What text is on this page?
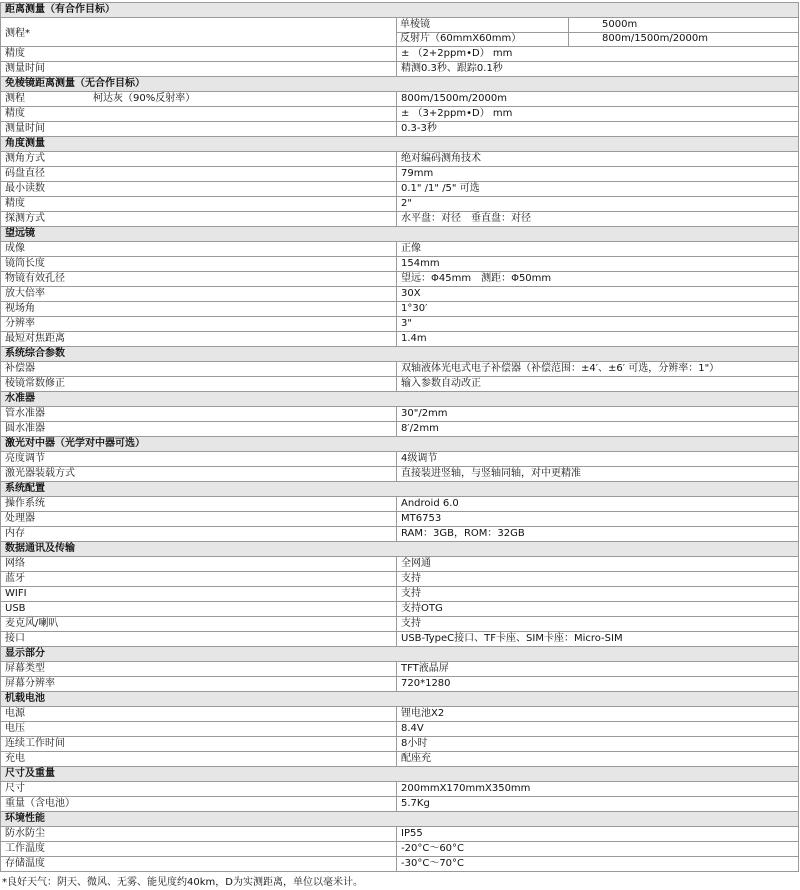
*良好天气：阴天、微风、无雾、能见度约40km，D为实测距离，单位以毫米计。
距离测量（有合作目标）
测程*
单棱镜	5000m
反射片（60mmX60mm）	800m/1500m/2000m
精度	± （2+2ppm•D） mm
测量时间	精测0.3秒、跟踪0.1秒
免棱镜距离测量（无合作目标）
测程	柯达灰（90%反射率）	800m/1500m/2000m
精度	± （3+2ppm•D） mm
测量时间	0.3-3秒
角度测量
测角方式	绝对编码测角技术
码盘直径	79mm
最小读数	0.1" /1" /5" 可选
精度	2"
探测方式	水平盘：对径　垂直盘：对径
望远镜
成像	正像
镜筒长度	154mm
物镜有效孔径	望远：Φ45mm　测距：Φ50mm
放大倍率	30X
视场角	1°30′
分辨率	3"
最短对焦距离	1.4m
系统综合参数
补偿器	双轴液体光电式电子补偿器（补偿范围：±4′、±6′ 可选，分辨率：1"）
棱镜常数修正	输入参数自动改正
水准器
管水准器	30"/2mm
圆水准器	8′/2mm
激光对中器（光学对中器可选）
亮度调节	4级调节
激光器装载方式	直接装进竖轴，与竖轴同轴，对中更精准
系统配置
操作系统	Android 6.0
处理器	MT6753
内存	RAM：3GB，ROM：32GB
数据通讯及传输
网络	全网通
蓝牙	支持
WIFI	支持
USB	支持OTG
麦克风/喇叭	支持
接口	USB-TypeC接口、TF卡座、SIM卡座：Micro-SIM
显示部分
屏幕类型	TFT液晶屏
屏幕分辨率	720*1280
机载电池
电源	锂电池X2
电压	8.4V
连续工作时间	8小时
充电	配座充
尺寸及重量
尺寸	200mmX170mmX350mm
重量（含电池）	5.7Kg
环境性能
防水防尘	IP55
工作温度	-20°C～60°C
存储温度	-30°C～70°C
